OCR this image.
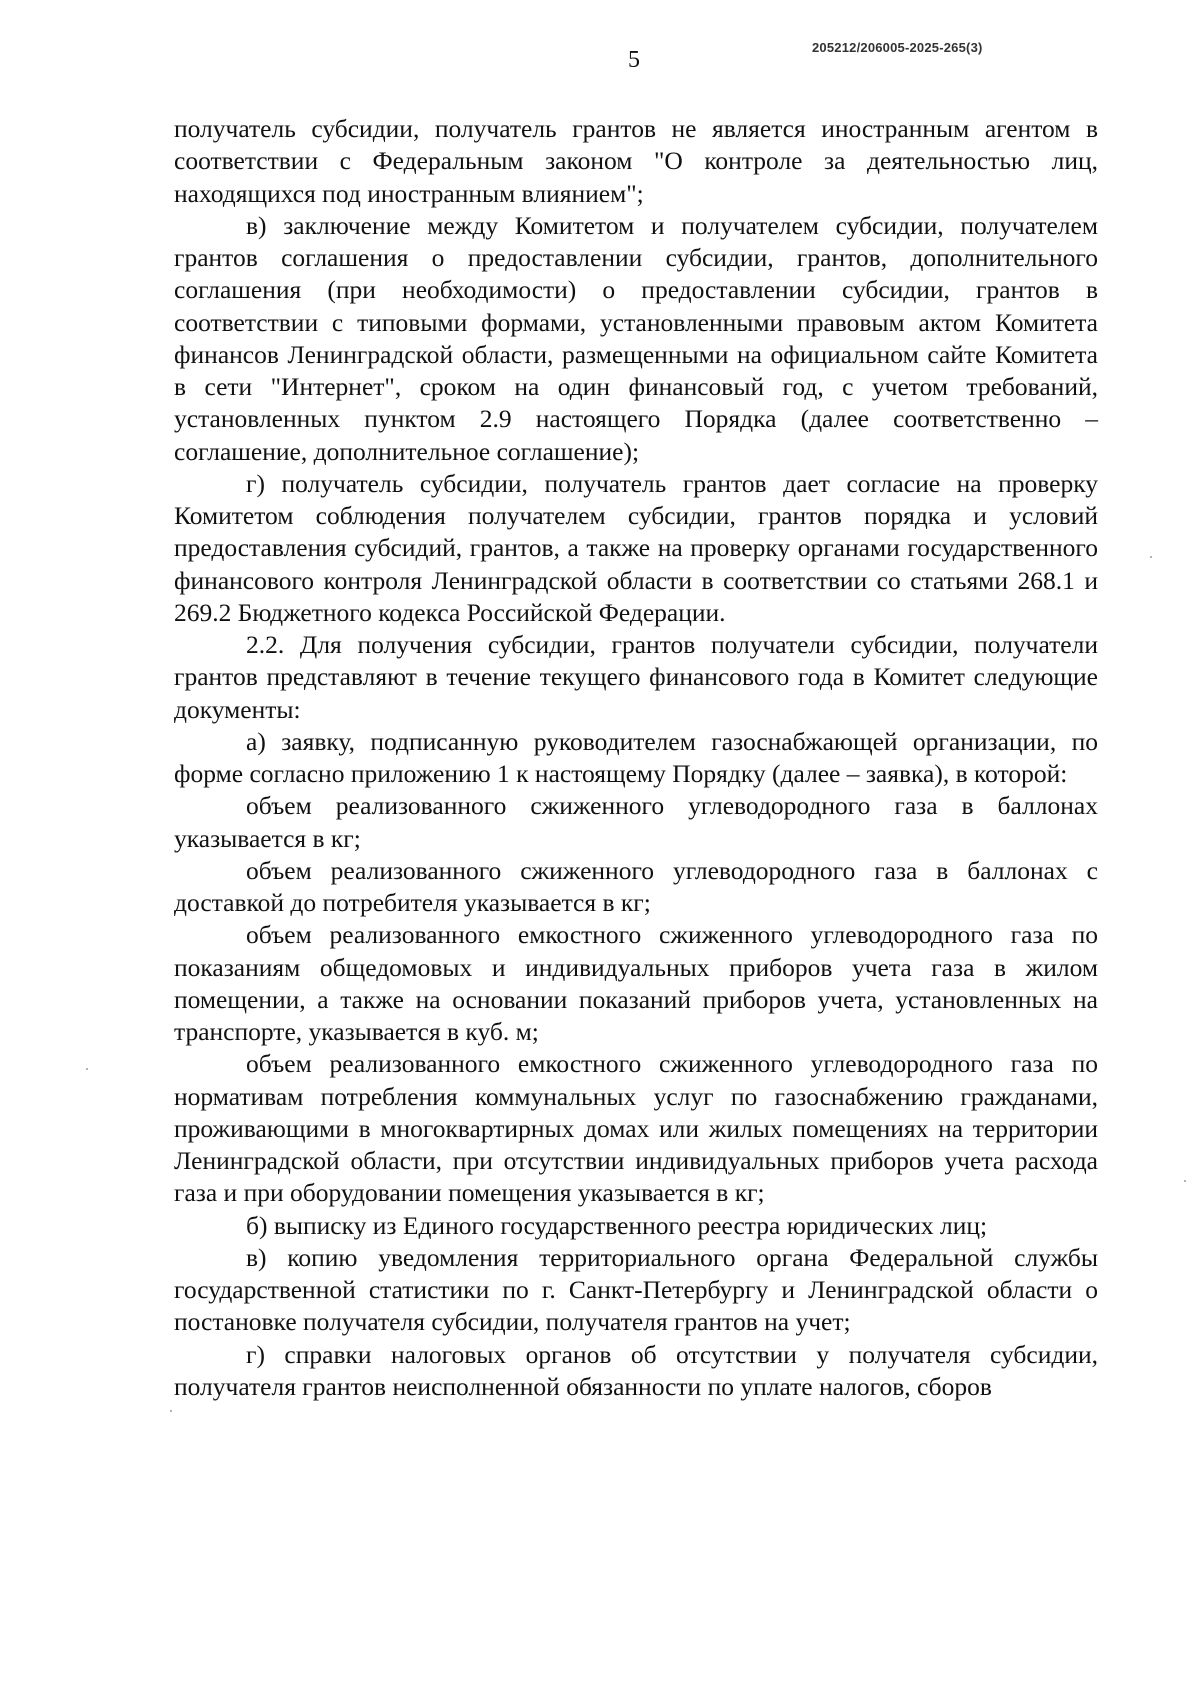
5	205212/206005-2025-265(3)

получатель субсидии, получатель грантов не является иностранным агентом в соответствии с Федеральным законом "О контроле за деятельностью лиц, находящихся под иностранным влиянием";

в) заключение между Комитетом и получателем субсидии, получателем грантов соглашения о предоставлении субсидии, грантов, дополнительного соглашения (при необходимости) о предоставлении субсидии, грантов в соответствии с типовыми формами, установленными правовым актом Комитета финансов Ленинградской области, размещенными на официальном сайте Комитета в сети "Интернет", сроком на один финансовый год, с учетом требований, установленных пунктом 2.9 настоящего Порядка (далее соответственно – соглашение, дополнительное соглашение);

г) получатель субсидии, получатель грантов дает согласие на проверку Комитетом соблюдения получателем субсидии, грантов порядка и условий предоставления субсидий, грантов, а также на проверку органами государственного финансового контроля Ленинградской области в соответствии со статьями 268.1 и 269.2 Бюджетного кодекса Российской Федерации.

2.2. Для получения субсидии, грантов получатели субсидии, получатели грантов представляют в течение текущего финансового года в Комитет следующие документы:

а) заявку, подписанную руководителем газоснабжающей организации, по форме согласно приложению 1 к настоящему Порядку (далее – заявка), в которой:

объем реализованного сжиженного углеводородного газа в баллонах указывается в кг;

объем реализованного сжиженного углеводородного газа в баллонах с доставкой до потребителя указывается в кг;

объем реализованного емкостного сжиженного углеводородного газа по показаниям общедомовых и индивидуальных приборов учета газа в жилом помещении, а также на основании показаний приборов учета, установленных на транспорте, указывается в куб. м;

объем реализованного емкостного сжиженного углеводородного газа по нормативам потребления коммунальных услуг по газоснабжению гражданами, проживающими в многоквартирных домах или жилых помещениях на территории Ленинградской области, при отсутствии индивидуальных приборов учета расхода газа и при оборудовании помещения указывается в кг;

б) выписку из Единого государственного реестра юридических лиц;

в) копию уведомления территориального органа Федеральной службы государственной статистики по г. Санкт-Петербургу и Ленинградской области о постановке получателя субсидии, получателя грантов на учет;

г) справки налоговых органов об отсутствии у получателя субсидии, получателя грантов неисполненной обязанности по уплате налогов, сборов
